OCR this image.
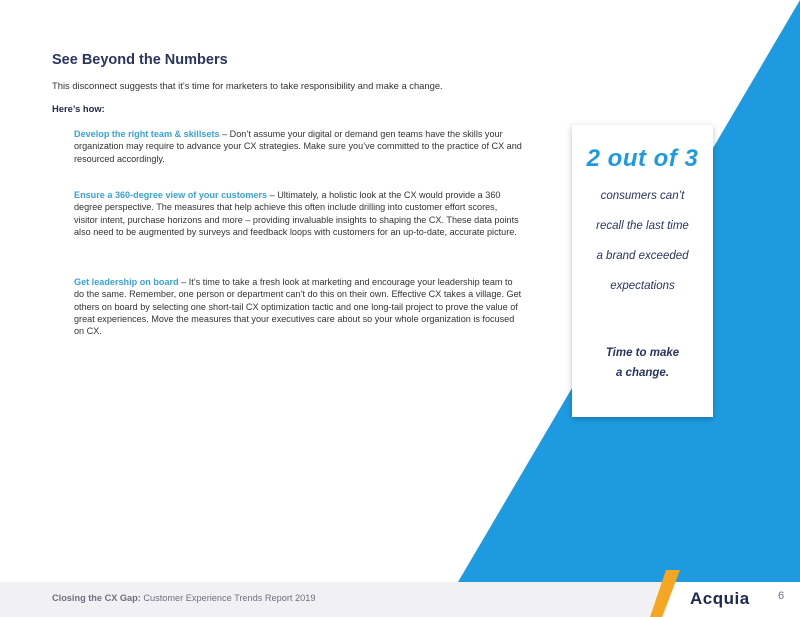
See Beyond the Numbers

This disconnect suggests that it’s time for marketers to take responsibility and make a change.

Here’s how:

Develop the right team & skillsets – Don’t assume your digital or demand gen teams have the skills your organization may require to advance your CX strategies. Make sure you’ve committed to the practice of CX and resourced accordingly.

Ensure a 360-degree view of your customers – Ultimately, a holistic look at the CX would provide a 360 degree perspective. The measures that help achieve this often include drilling into customer effort scores, visitor intent, purchase horizons and more – providing invaluable insights to shaping the CX. These data points also need to be augmented by surveys and feedback loops with customers for an up-to-date, accurate picture.

Get leadership on board – It’s time to take a fresh look at marketing and encourage your leadership team to do the same. Remember, one person or department can’t do this on their own. Effective CX takes a village. Get others on board by selecting one short-tail CX optimization tactic and one long-tail project to prove the value of great experiences. Move the measures that your executives care about so your whole organization is focused on CX.

2 out of 3
consumers can’t
recall the last time
a brand exceeded
expectations
Time to make
a change.
Closing the CX Gap: Customer Experience Trends Report 2019	Acquia	6
